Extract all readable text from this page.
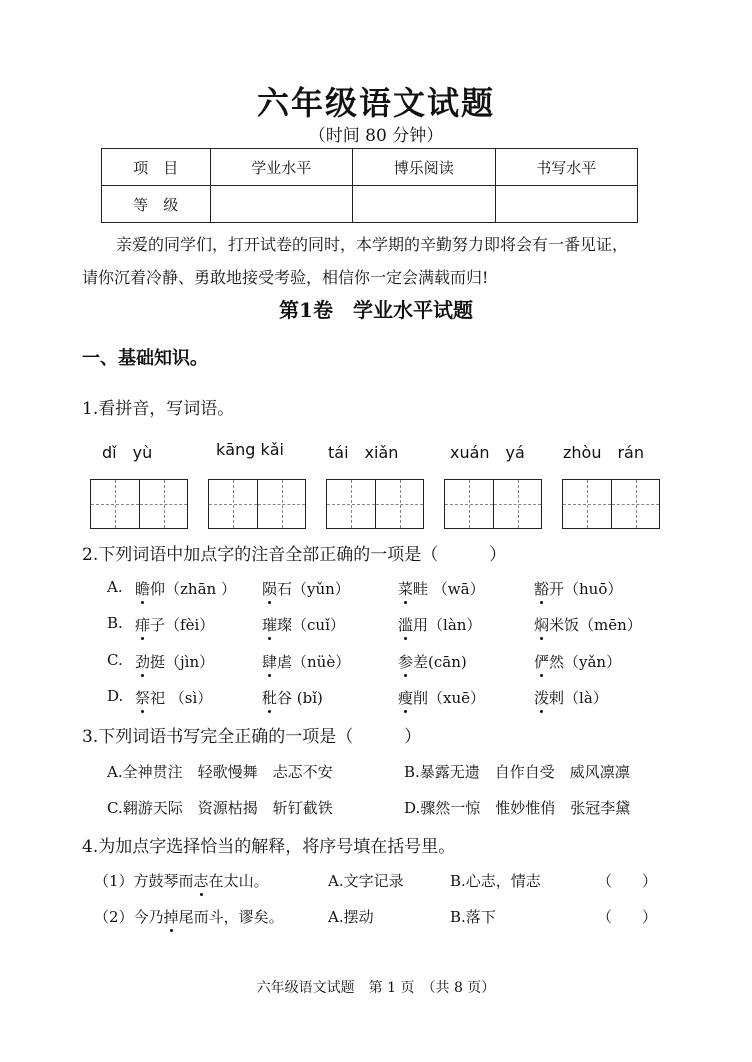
六年级语文试题
（时间 80 分钟）
项　目	学业水平	博乐阅读	书写水平
等　级			
亲爱的同学们，打开试卷的同时，本学期的辛勤努力即将会有一番见证，
请你沉着冷静、勇敢地接受考验，相信你一定会满载而归!
第1卷　学业水平试题
一、基础知识。
1.看拼音，写词语。
dǐ　yù	kāng kǎi	tái　xiǎn	xuán　yá zhòu　rán
2.下列词语中加点字的注音全部正确的一项是（　　　）
A. 瞻仰（zhān ） 陨石（yǔn）	菜畦 （wā）	豁开（huō）
B. 痱子（fèi）	璀璨（cuǐ）	滥用（làn）	焖米饭（mēn）
C. 劲挺（jìn）	肆虐（nüè）	参差(cān)	俨然（yǎn）
D. 祭祀 （sì）	秕谷 (bǐ)	瘦削（xuē）	泼剌（là）
3.下列词语书写完全正确的一项是（　　　）
A.全神贯注　轻歌慢舞　忐忑不安	B.暴露无遗　自作自受　威风凛凛
C.翱游天际　资源枯揭　斩钉截铁	D.骤然一惊　惟妙惟俏　张冠李黛
4.为加点字选择恰当的解释，将序号填在括号里。
（1）方鼓琴而志在太山。	A.文字记录	B.心志，情志	（　　）
（2）今乃掉尾而斗，谬矣。	A.摆动	B.落下	（　　）
六年级语文试题　第 1 页　（共 8 页）
